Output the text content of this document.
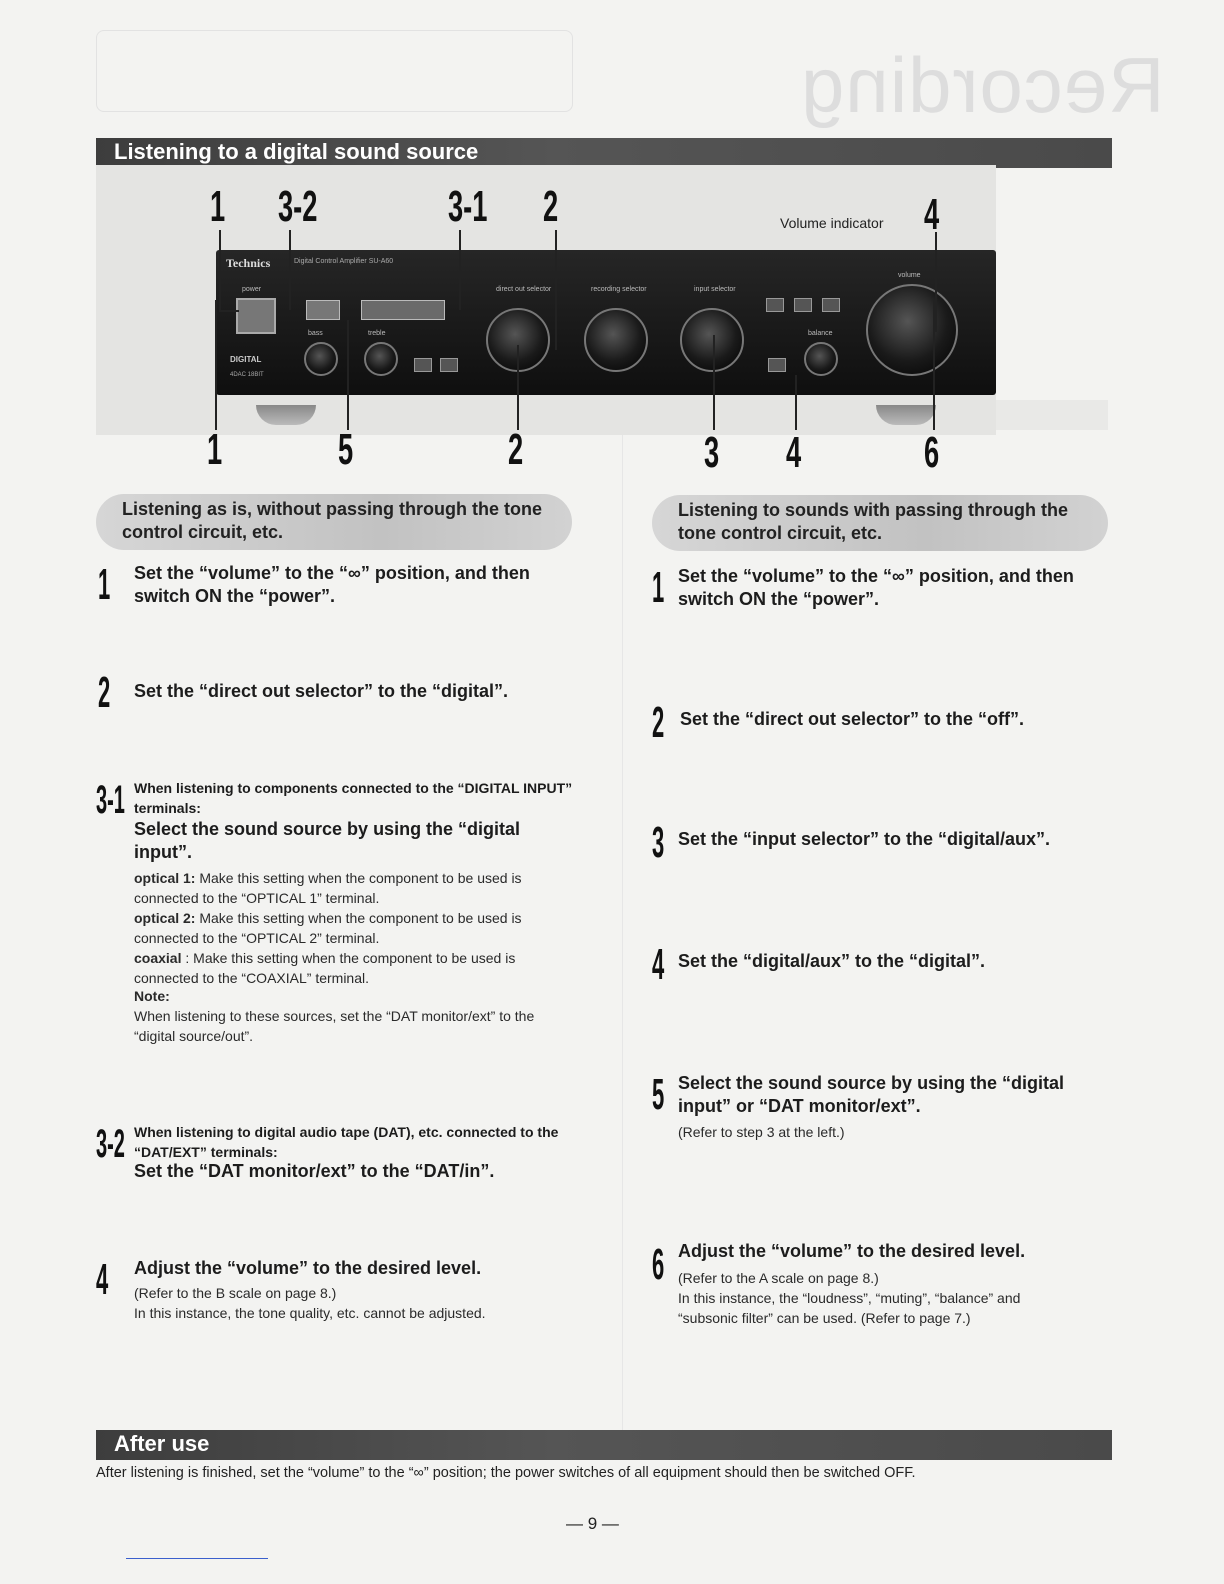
Recording
Listening to a digital sound source
Technics	Digital Control Amplifier SU-A60
power
DIGITAL
4DAC 18BIT
bass	treble
direct out selector	recording selector	input selector
balance
volume
Volume indicator
1 3-2	3-1 2	4
1	5	2	3 4	6
Listening as is, without passing through the tone control circuit, etc.
1 Set the “volume” to the “∞” position, and then switch ON the “power”.
2 Set the “direct out selector” to the “digital”.
3-1 When listening to components connected to the “DIGITAL INPUT” terminals:
Select the sound source by using the “digital input”.
optical 1: Make this setting when the component to be used is connected to the “OPTICAL 1” terminal.
optical 2: Make this setting when the component to be used is connected to the “OPTICAL 2” terminal.
coaxial : Make this setting when the component to be used is connected to the “COAXIAL” terminal.
Note:
When listening to these sources, set the “DAT monitor/ext” to the “digital source/out”.
3-2 When listening to digital audio tape (DAT), etc. connected to the “DAT/EXT” terminals:
Set the “DAT monitor/ext” to the “DAT/in”.
4 Adjust the “volume” to the desired level.
(Refer to the B scale on page 8.)
In this instance, the tone quality, etc. cannot be adjusted.
Listening to sounds with passing through the tone control circuit, etc.
1 Set the “volume” to the “∞” position, and then switch ON the “power”.
2 Set the “direct out selector” to the “off”.
3 Set the “input selector” to the “digital/aux”.
4 Set the “digital/aux” to the “digital”.
5 Select the sound source by using the “digital input” or “DAT monitor/ext”.
(Refer to step 3 at the left.)
6 Adjust the “volume” to the desired level.
(Refer to the A scale on page 8.)
In this instance, the “loudness”, “muting”, “balance” and “subsonic filter” can be used. (Refer to page 7.)
After use
After listening is finished, set the “volume” to the “∞” position; the power switches of all equipment should then be switched OFF.
— 9 —
